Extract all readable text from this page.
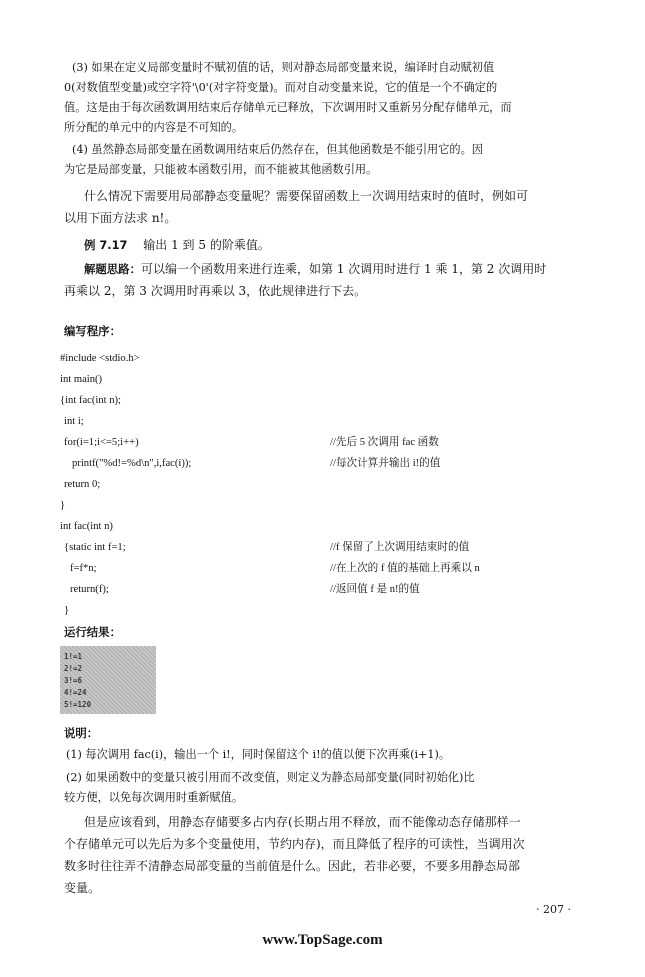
(3) 如果在定义局部变量时不赋初值的话，则对静态局部变量来说，编译时自动赋初值
0(对数值型变量)或空字符'\0'(对字符变量)。而对自动变量来说，它的值是一个不确定的
值。这是由于每次函数调用结束后存储单元已释放，下次调用时又重新另分配存储单元，而
所分配的单元中的内容是不可知的。
(4) 虽然静态局部变量在函数调用结束后仍然存在，但其他函数是不能引用它的。因
为它是局部变量，只能被本函数引用，而不能被其他函数引用。
什么情况下需要用局部静态变量呢？需要保留函数上一次调用结束时的值时，例如可
以用下面方法求 n!。
例 7.17 输出 1 到 5 的阶乘值。
解题思路：可以编一个函数用来进行连乘，如第 1 次调用时进行 1 乘 1，第 2 次调用时
再乘以 2，第 3 次调用时再乘以 3，依此规律进行下去。
编写程序：
#include <stdio.h>
int main()
{int fac(int n);
int i;
for(i=1;i<=5;i++)	//先后 5 次调用 fac 函数
printf("%d!=%d\n",i,fac(i));	//每次计算并输出 i!的值
return 0;
}
int fac(int n)
{static int f=1;	//f 保留了上次调用结束时的值
f=f*n;	//在上次的 f 值的基础上再乘以 n
return(f);	//返回值 f 是 n!的值
}
运行结果：
1!=1
2!=2
3!=6
4!=24
5!=120
说明：
(1) 每次调用 fac(i)，输出一个 i!，同时保留这个 i!的值以便下次再乘(i+1)。
(2) 如果函数中的变量只被引用而不改变值，则定义为静态局部变量(同时初始化)比
较方便，以免每次调用时重新赋值。
但是应该看到，用静态存储要多占内存(长期占用不释放，而不能像动态存储那样一
个存储单元可以先后为多个变量使用，节约内存)，而且降低了程序的可读性，当调用次
数多时往往弄不清静态局部变量的当前值是什么。因此，若非必要，不要多用静态局部
变量。
· 207 ·
www.TopSage.com
